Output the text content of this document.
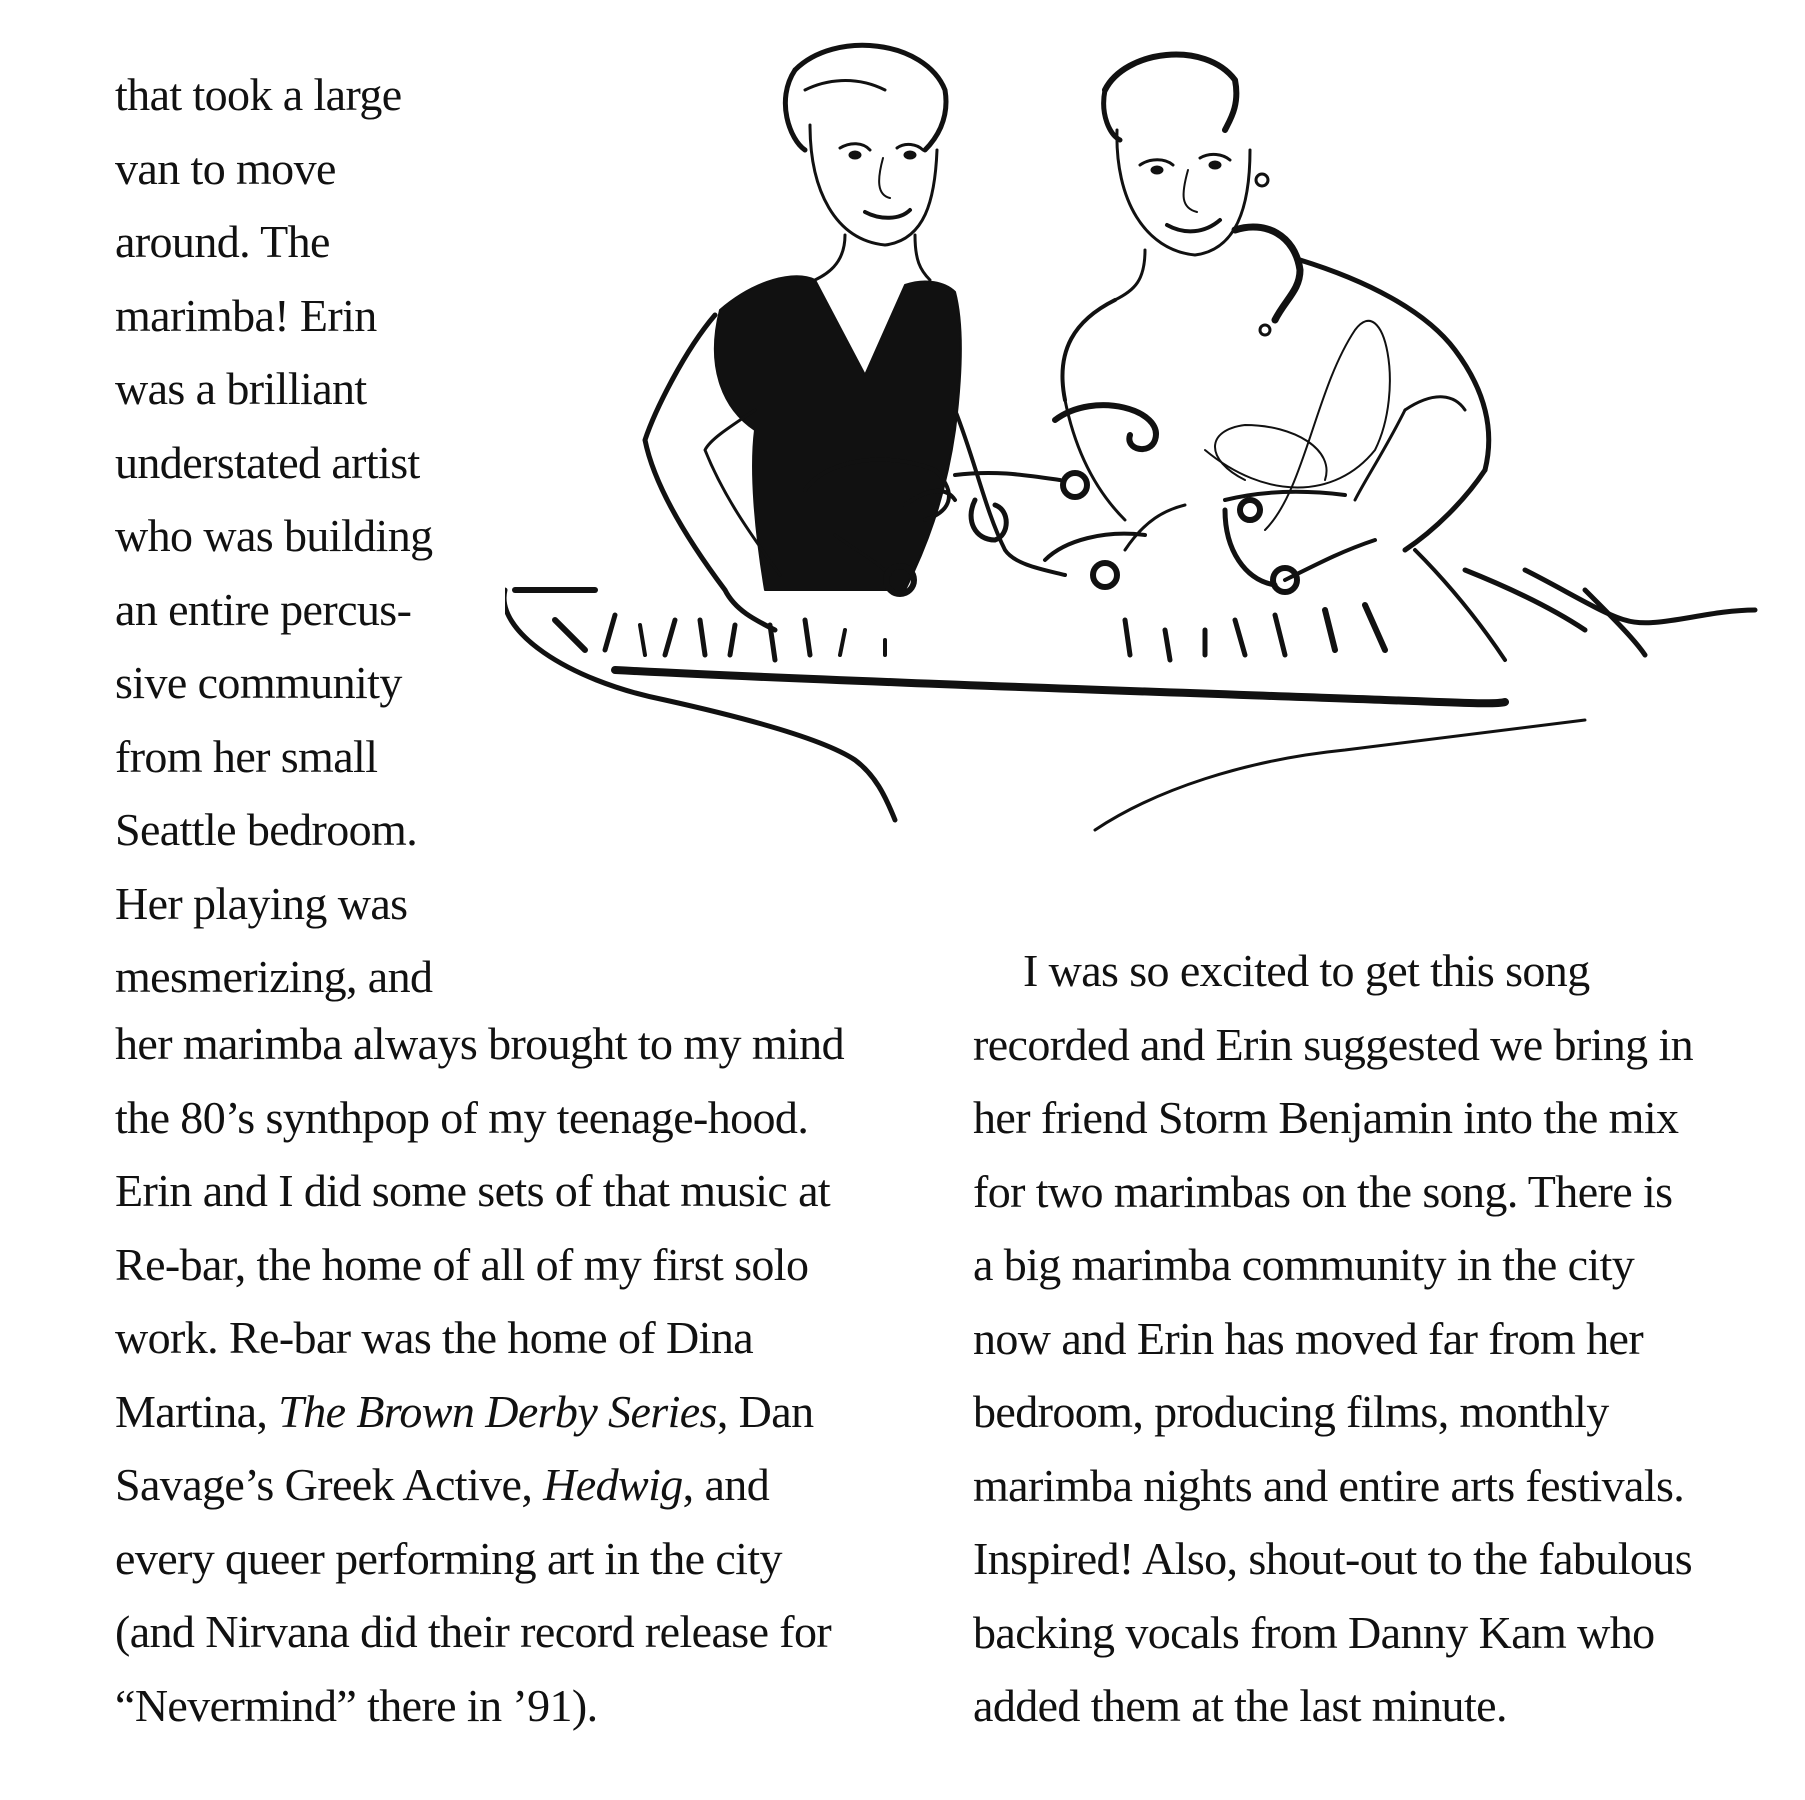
that took a large
van to move
around. The
marimba! Erin
was a brilliant
understated artist
who was building
an entire percus-
sive community
from her small
Seattle bedroom.
Her playing was
mesmerizing, and
her marimba always brought to my mind
the 80’s synthpop of my teenage-hood.
Erin and I did some sets of that music at
Re-bar, the home of all of my first solo
work. Re-bar was the home of Dina
Martina, The Brown Derby Series, Dan
Savage’s Greek Active, Hedwig, and
every queer performing art in the city
(and Nirvana did their record release for
“Nevermind” there in ’91).
I was so excited to get this song
recorded and Erin suggested we bring in
her friend Storm Benjamin into the mix
for two marimbas on the song. There is
a big marimba community in the city
now and Erin has moved far from her
bedroom, producing films, monthly
marimba nights and entire arts festivals.
Inspired! Also, shout-out to the fabulous
backing vocals from Danny Kam who
added them at the last minute.
